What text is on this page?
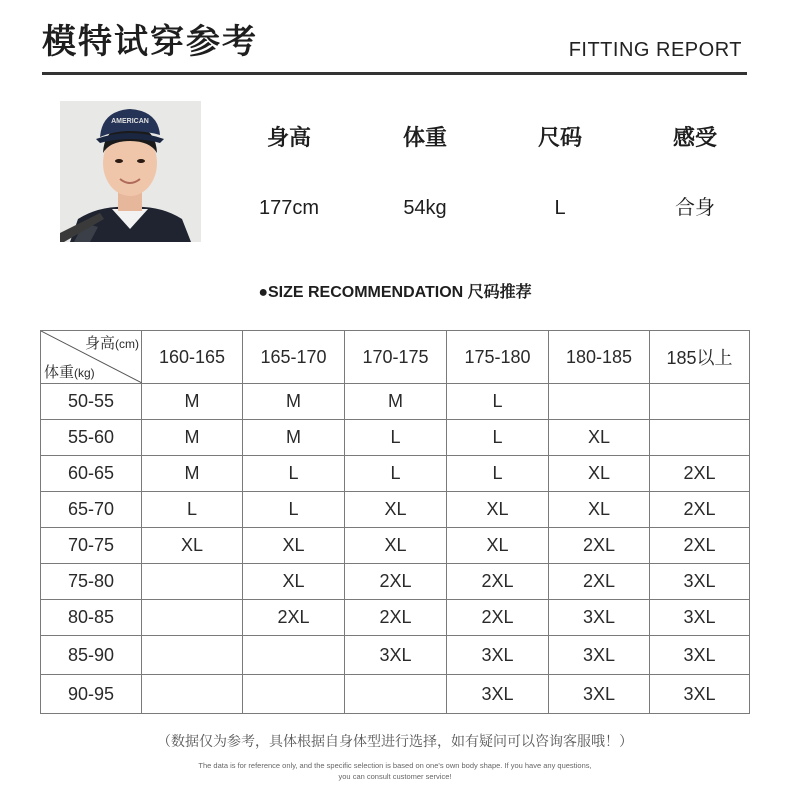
模特试穿参考	FITTING REPORT
AMERICAN
身高	体重	尺码	感受
177cm	54kg	L	合身
●SIZE RECOMMENDATION 尺码推荐
身高(cm)
体重(kg)	160-165	165-170	170-175	175-180	180-185	185以上
50-55	M	M	M	L		
55-60	M	M	L	L	XL	
60-65	M	L	L	L	XL	2XL
65-70	L	L	XL	XL	XL	2XL
70-75	XL	XL	XL	XL	2XL	2XL
75-80		XL	2XL	2XL	2XL	3XL
80-85		2XL	2XL	2XL	3XL	3XL
85-90			3XL	3XL	3XL	3XL
90-95				3XL	3XL	3XL
（数据仅为参考，具体根据自身体型进行选择，如有疑问可以咨询客服哦！）
The data is for reference only, and the specific selection is based on one's own body shape. If you have any questions,
you can consult customer service!
